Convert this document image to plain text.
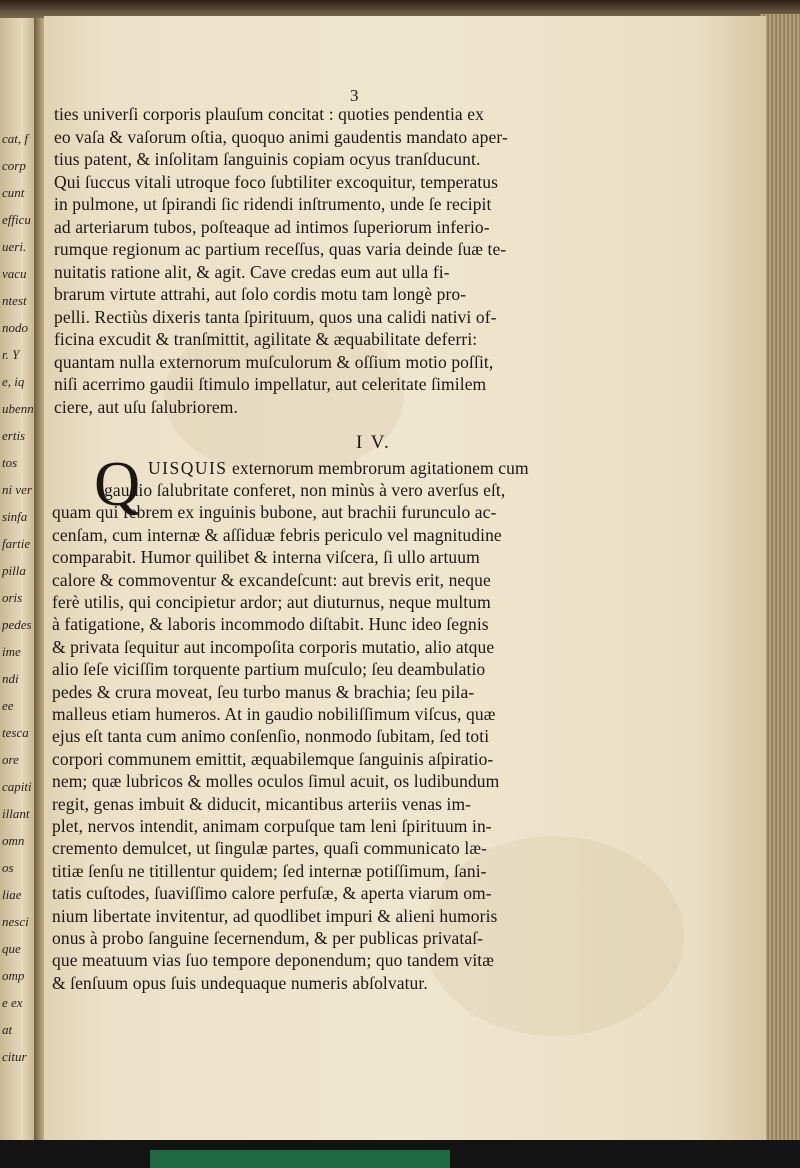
cat, f
corp
cunt
efficu
ueri.
vacu
ntest
nodo
r. Y
e, iq
ubenn
ertis
tos
ni ver
sinfa
fartie
pilla
oris
pedes
ime
ndi
ee
tesca
ore
capiti
illant
omn
os
liae
nesci
que
omp
e ex
at
citur
3
I V.
Q UISQUIS externorum membrorum agitationem cum
ties univerſi corporis plauſum concitat : quoties pendentia ex
eo vaſa & vaſorum oſtia, quoquo animi gaudentis mandato aper-
tius patent, & inſolitam ſanguinis copiam ocyus tranſducunt.
Qui ſuccus vitali utroque foco ſubtiliter excoquitur, temperatus
in pulmone, ut ſpirandi ſic ridendi inſtrumento, unde ſe recipit
ad arteriarum tubos, poſteaque ad intimos ſuperiorum inferio-
rumque regionum ac partium receſſus, quas varia deinde ſuæ te-
nuitatis ratione alit, & agit. Cave credas eum aut ulla fi-
brarum virtute attrahi, aut ſolo cordis motu tam longè pro-
pelli. Rectiùs dixeris tanta ſpirituum, quos una calidi nativi of-
ficina excudit & tranſmittit, agilitate & æquabilitate deferri:
quantam nulla externorum muſculorum & oſſium motio poſſit,
niſi acerrimo gaudii ſtimulo impellatur, aut celeritate ſimilem
ciere, aut uſu ſalubriorem.
gaudio ſalubritate conferet, non minùs à vero averſus eſt,
quam qui febrem ex inguinis bubone, aut brachii furunculo ac-
cenſam, cum internæ & aſſiduæ febris periculo vel magnitudine
comparabit. Humor quilibet & interna viſcera, ſi ullo artuum
calore & commoventur & excandeſcunt: aut brevis erit, neque
ferè utilis, qui concipietur ardor; aut diuturnus, neque multum
à fatigatione, & laboris incommodo diſtabit. Hunc ideo ſegnis
& privata ſequitur aut incompoſita corporis mutatio, alio atque
alio ſeſe viciſſim torquente partium muſculo; ſeu deambulatio
pedes & crura moveat, ſeu turbo manus & brachia; ſeu pila-
malleus etiam humeros. At in gaudio nobiliſſimum viſcus, quæ
ejus eſt tanta cum animo conſenſio, nonmodo ſubitam, ſed toti
corpori communem emittit, æquabilemque ſanguinis aſpiratio-
nem; quæ lubricos & molles oculos ſimul acuit, os ludibundum
regit, genas imbuit & diducit, micantibus arteriis venas im-
plet, nervos intendit, animam corpuſque tam leni ſpirituum in-
cremento demulcet, ut ſingulæ partes, quaſi communicato læ-
titiæ ſenſu ne titillentur quidem; ſed internæ potiſſimum, ſani-
tatis cuſtodes, ſuaviſſimo calore perfuſæ, & aperta viarum om-
nium libertate invitentur, ad quodlibet impuri & alieni humoris
onus à probo ſanguine ſecernendum, & per publicas privataſ-
que meatuum vias ſuo tempore deponendum; quo tandem vitæ
& ſenſuum opus ſuis undequaque numeris abſolvatur.
